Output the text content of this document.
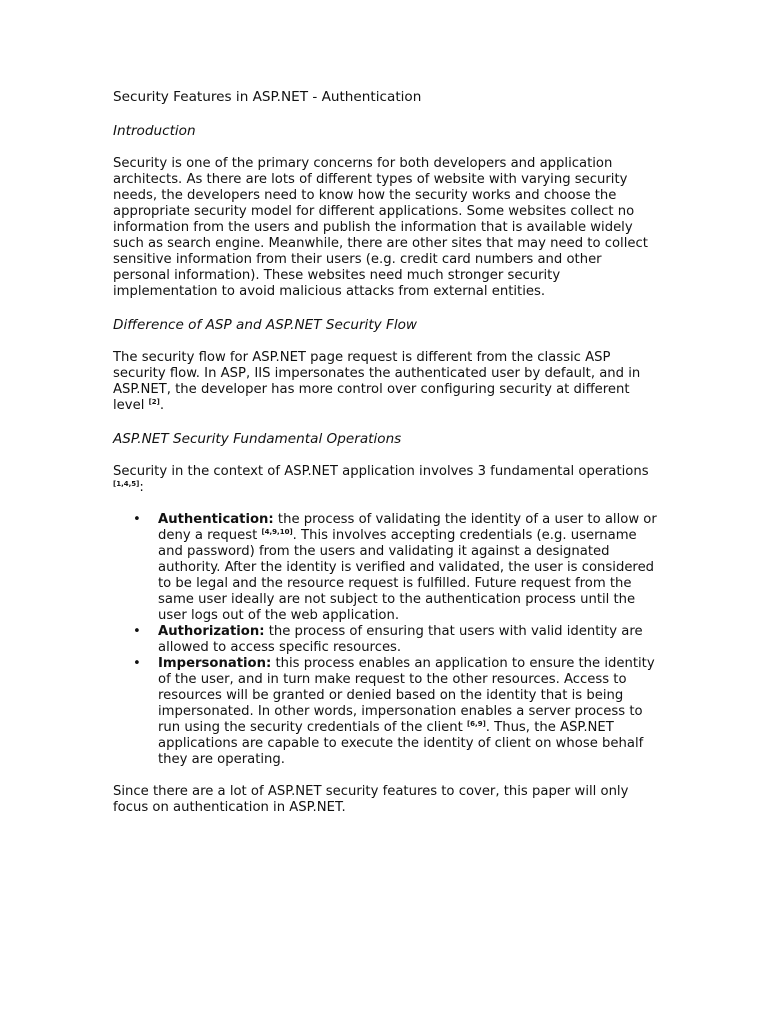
Security Features in ASP.NET - Authentication
Introduction

Security is one of the primary concerns for both developers and application architects. As there are lots of different types of website with varying security needs, the developers need to know how the security works and choose the appropriate security model for different applications. Some websites collect no information from the users and publish the information that is available widely such as search engine. Meanwhile, there are other sites that may need to collect sensitive information from their users (e.g. credit card numbers and other personal information). These websites need much stronger security implementation to avoid malicious attacks from external entities.

Difference of ASP and ASP.NET Security Flow

The security flow for ASP.NET page request is different from the classic ASP security flow. In ASP, IIS impersonates the authenticated user by default, and in ASP.NET, the developer has more control over configuring security at different level [2].

ASP.NET Security Fundamental Operations

Security in the context of ASP.NET application involves 3 fundamental operations [1,4,5]:

• Authentication: the process of validating the identity of a user to allow or deny a request [4,9,10]. This involves accepting credentials (e.g. username and password) from the users and validating it against a designated authority. After the identity is verified and validated, the user is considered to be legal and the resource request is fulfilled. Future request from the same user ideally are not subject to the authentication process until the user logs out of the web application.
• Authorization: the process of ensuring that users with valid identity are allowed to access specific resources.
• Impersonation: this process enables an application to ensure the identity of the user, and in turn make request to the other resources. Access to resources will be granted or denied based on the identity that is being impersonated. In other words, impersonation enables a server process to run using the security credentials of the client [6,9]. Thus, the ASP.NET applications are capable to execute the identity of client on whose behalf they are operating.

Since there are a lot of ASP.NET security features to cover, this paper will only focus on authentication in ASP.NET.
